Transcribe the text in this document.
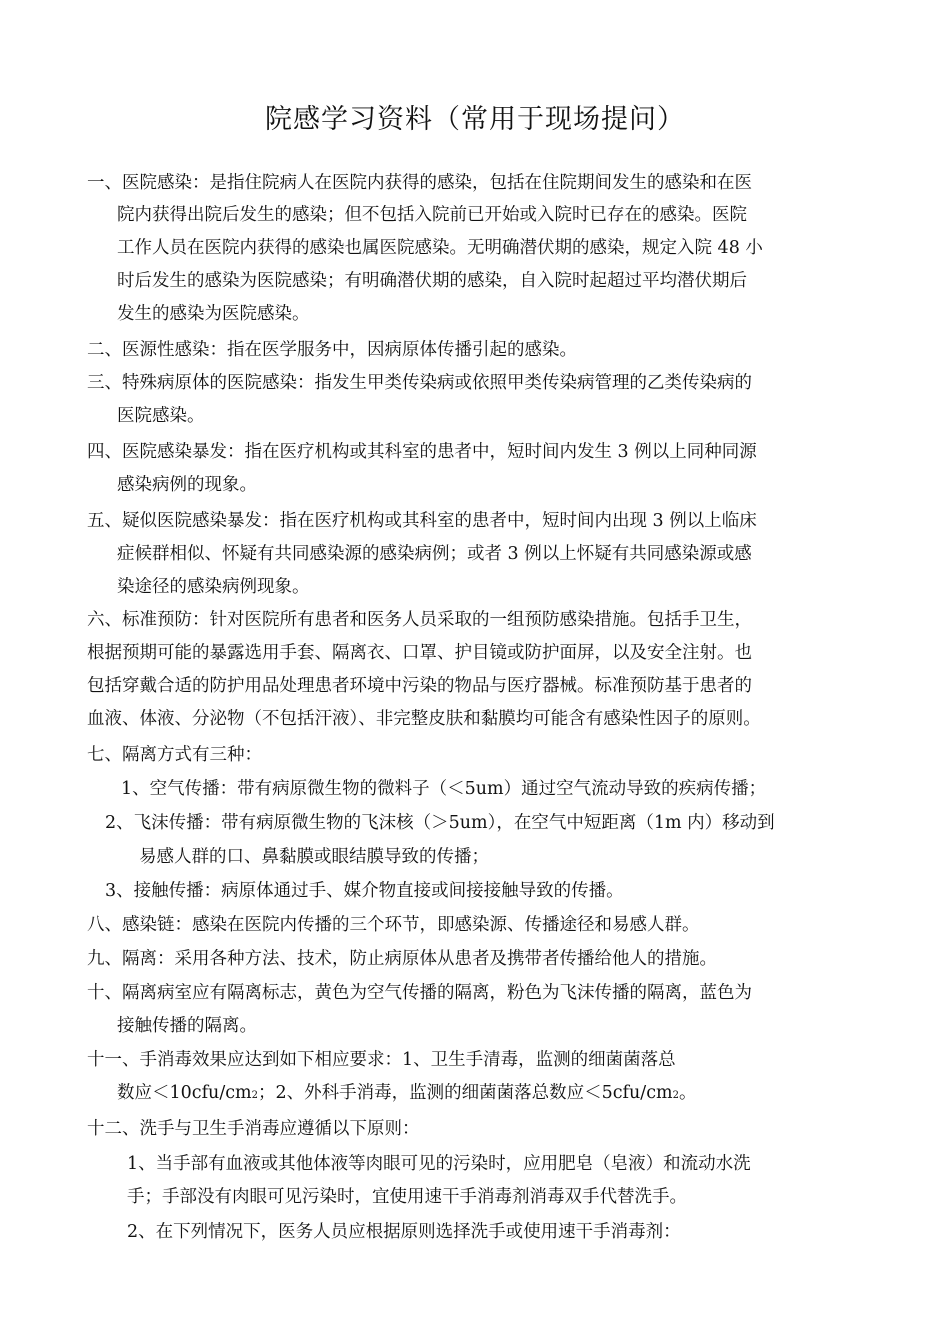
院感学习资料（常用于现场提问）
一、医院感染：是指住院病人在医院内获得的感染，包括在住院期间发生的感染和在医
院内获得出院后发生的感染；但不包括入院前已开始或入院时已存在的感染。医院
工作人员在医院内获得的感染也属医院感染。无明确潜伏期的感染，规定入院 48 小
时后发生的感染为医院感染；有明确潜伏期的感染，自入院时起超过平均潜伏期后
发生的感染为医院感染。
二、医源性感染：指在医学服务中，因病原体传播引起的感染。
三、特殊病原体的医院感染：指发生甲类传染病或依照甲类传染病管理的乙类传染病的
医院感染。
四、医院感染暴发：指在医疗机构或其科室的患者中，短时间内发生 3 例以上同种同源
感染病例的现象。
五、疑似医院感染暴发：指在医疗机构或其科室的患者中，短时间内出现 3 例以上临床
症候群相似、怀疑有共同感染源的感染病例；或者 3 例以上怀疑有共同感染源或感
染途径的感染病例现象。
六、标准预防：针对医院所有患者和医务人员采取的一组预防感染措施。包括手卫生，
根据预期可能的暴露选用手套、隔离衣、口罩、护目镜或防护面屏，以及安全注射。也
包括穿戴合适的防护用品处理患者环境中污染的物品与医疗器械。标准预防基于患者的
血液、体液、分泌物（不包括汗液）、非完整皮肤和黏膜均可能含有感染性因子的原则。
七、隔离方式有三种：
1、空气传播：带有病原微生物的微料子（＜5um）通过空气流动导致的疾病传播；
2、飞沫传播：带有病原微生物的飞沫核（＞5um），在空气中短距离（1m 内）移动到
易感人群的口、鼻黏膜或眼结膜导致的传播；
3、接触传播：病原体通过手、媒介物直接或间接接触导致的传播。
八、感染链：感染在医院内传播的三个环节，即感染源、传播途径和易感人群。
九、隔离：采用各种方法、技术，防止病原体从患者及携带者传播给他人的措施。
十、隔离病室应有隔离标志，黄色为空气传播的隔离，粉色为飞沫传播的隔离，蓝色为
接触传播的隔离。
十一、手消毒效果应达到如下相应要求：1、卫生手清毒，监测的细菌菌落总
数应＜10cfu/cm2；2、外科手消毒，监测的细菌菌落总数应＜5cfu/cm2。
十二、洗手与卫生手消毒应遵循以下原则：
1、当手部有血液或其他体液等肉眼可见的污染时，应用肥皂（皂液）和流动水洗
手；手部没有肉眼可见污染时，宜使用速干手消毒剂消毒双手代替洗手。
2、在下列情况下，医务人员应根据原则选择洗手或使用速干手消毒剂：
